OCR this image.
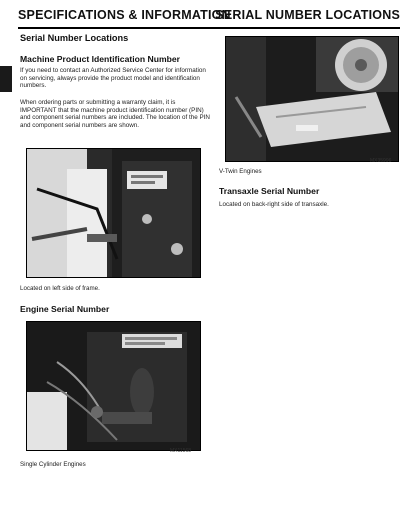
SPECIFICATIONS & INFORMATION
SERIAL NUMBER LOCATIONS
Serial Number Locations
Machine Product Identification Number
If you need to contact an Authorized Service Center for information on servicing, always provide the product model and identification numbers.
When ordering parts or submitting a warranty claim, it is IMPORTANT that the machine product identification number (PIN) and component serial numbers are included. The location of the PIN and component serial numbers are shown.
MX35999
Located on left side of frame.
Engine Serial Number
MX11568
Single Cylinder Engines
MX35996
V-Twin Engines
Transaxle Serial Number
Located on back-right side of transaxle.
